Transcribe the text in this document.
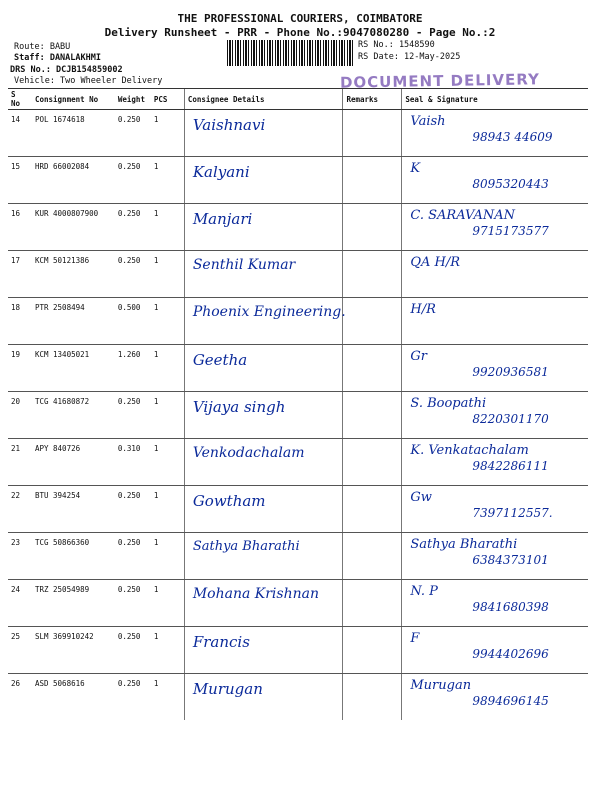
THE PROFESSIONAL COURIERS, COIMBATORE
Delivery Runsheet - PRR - Phone No.:9047080280 - Page No.:2
Route: BABU
Staff: DANALAKHMI
DRS No.: DCJB154859002
Vehicle: Two Wheeler Delivery
RS No.: 1548590
RS Date: 12-May-2025
DOCUMENT DELIVERY
S No	Consignment No	Weight	PCS	Consignee Details	Remarks	Seal & Signature
14	POL 1674618	0.250	1	Vaishnavi		Vaish
98943 44609

15	HRD 66002084	0.250	1	Kalyani		K
8095320443

16	KUR 4000807900	0.250	1	Manjari		C. SARAVANAN
9715173577

17	KCM 50121386	0.250	1	Senthil Kumar		QA H/R

18	PTR 2508494	0.500	1	Phoenix Engineering.		H/R

19	KCM 13405021	1.260	1	Geetha		Gr
9920936581

20	TCG 41680872	0.250	1	Vijaya singh		S. Boopathi
8220301170

21	APY 840726	0.310	1	Venkodachalam		K. Venkatachalam
9842286111

22	BTU 394254	0.250	1	Gowtham		Gw
7397112557.

23	TCG 50866360	0.250	1	Sathya Bharathi		Sathya Bharathi
6384373101

24	TRZ 25054989	0.250	1	Mohana Krishnan		N. P
9841680398

25	SLM 369910242	0.250	1	Francis		F
9944402696

26	ASD 5068616	0.250	1	Murugan		Murugan
9894696145
